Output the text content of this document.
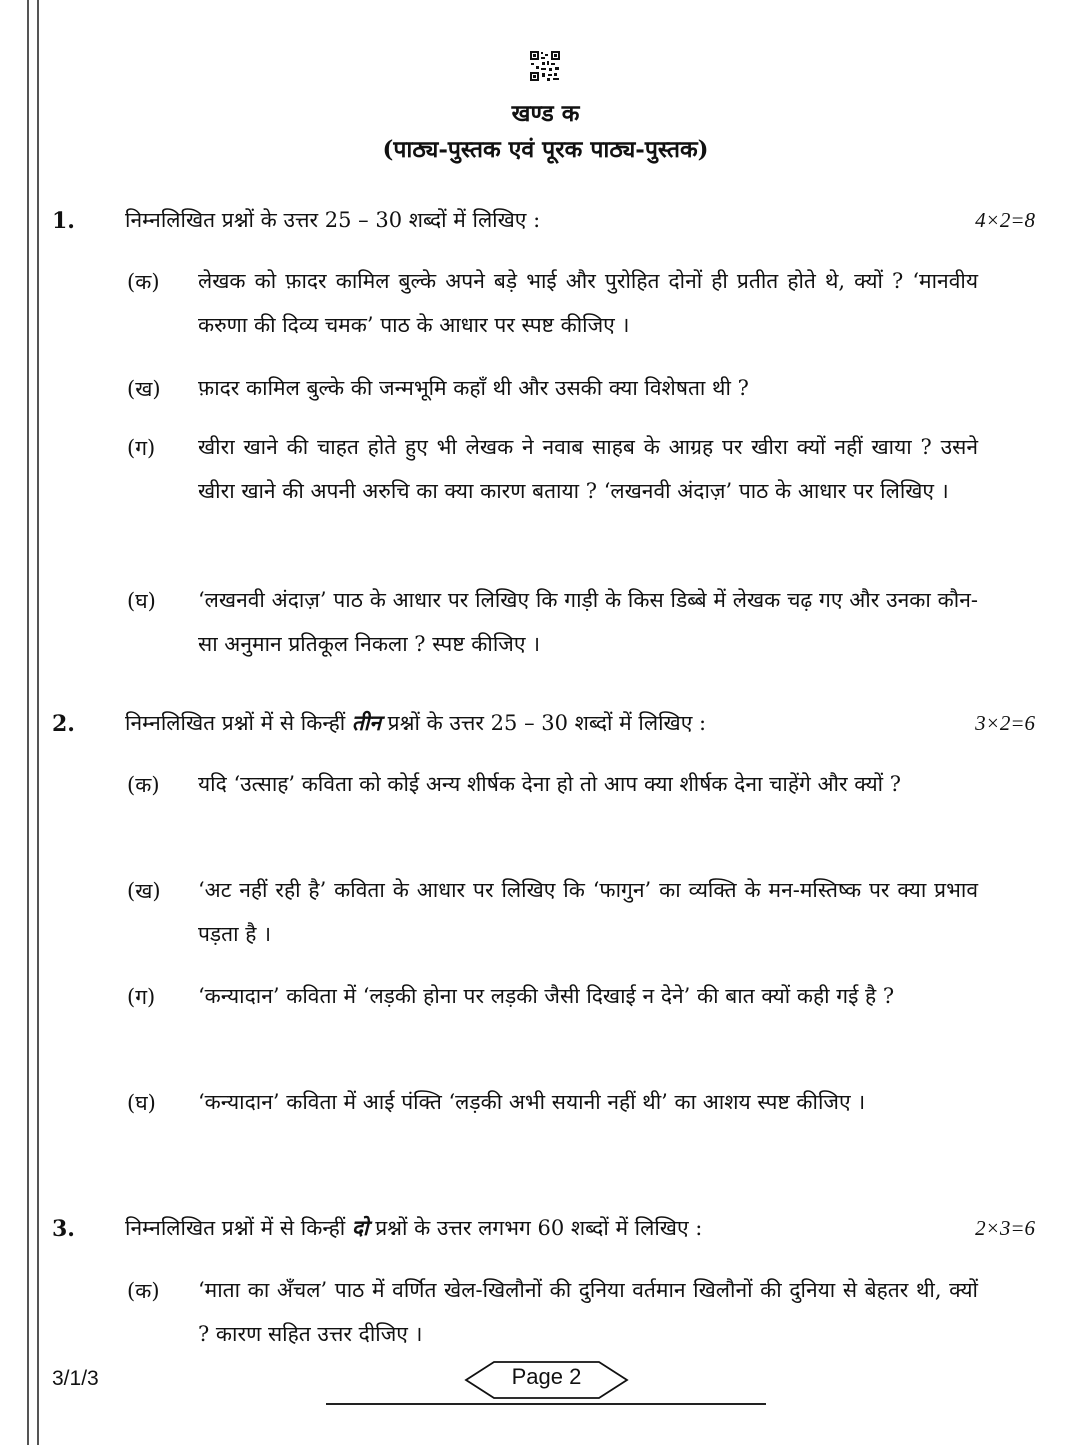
खण्ड क
(पाठ्य-पुस्तक एवं पूरक पाठ्य-पुस्तक)
1. निम्नलिखित प्रश्नों के उत्तर 25 – 30 शब्दों में लिखिए :	4×2=8
(क) लेखक को फ़ादर कामिल बुल्के अपने बड़े भाई और पुरोहित दोनों ही प्रतीत होते थे, क्यों ? ‘मानवीय करुणा की दिव्य चमक’ पाठ के आधार पर स्पष्ट कीजिए ।
(ख) फ़ादर कामिल बुल्के की जन्मभूमि कहाँ थी और उसकी क्या विशेषता थी ?
(ग) खीरा खाने की चाहत होते हुए भी लेखक ने नवाब साहब के आग्रह पर खीरा क्यों नहीं खाया ? उसने खीरा खाने की अपनी अरुचि का क्या कारण बताया ? ‘लखनवी अंदाज़’ पाठ के आधार पर लिखिए ।
(घ) ‘लखनवी अंदाज़’ पाठ के आधार पर लिखिए कि गाड़ी के किस डिब्बे में लेखक चढ़ गए और उनका कौन-सा अनुमान प्रतिकूल निकला ? स्पष्ट कीजिए ।
2. निम्नलिखित प्रश्नों में से किन्हीं तीन प्रश्नों के उत्तर 25 – 30 शब्दों में लिखिए :	3×2=6
(क) यदि ‘उत्साह’ कविता को कोई अन्य शीर्षक देना हो तो आप क्या शीर्षक देना चाहेंगे और क्यों ?
(ख) ‘अट नहीं रही है’ कविता के आधार पर लिखिए कि ‘फागुन’ का व्यक्ति के मन-मस्तिष्क पर क्या प्रभाव पड़ता है ।
(ग) ‘कन्यादान’ कविता में ‘लड़की होना पर लड़की जैसी दिखाई न देने’ की बात क्यों कही गई है ?
(घ) ‘कन्यादान’ कविता में आई पंक्ति ‘लड़की अभी सयानी नहीं थी’ का आशय स्पष्ट कीजिए ।
3. निम्नलिखित प्रश्नों में से किन्हीं दो प्रश्नों के उत्तर लगभग 60 शब्दों में लिखिए :	2×3=6
(क) ‘माता का अँचल’ पाठ में वर्णित खेल-खिलौनों की दुनिया वर्तमान खिलौनों की दुनिया से बेहतर थी, क्यों ? कारण सहित उत्तर दीजिए ।
3/1/3	Page 2
